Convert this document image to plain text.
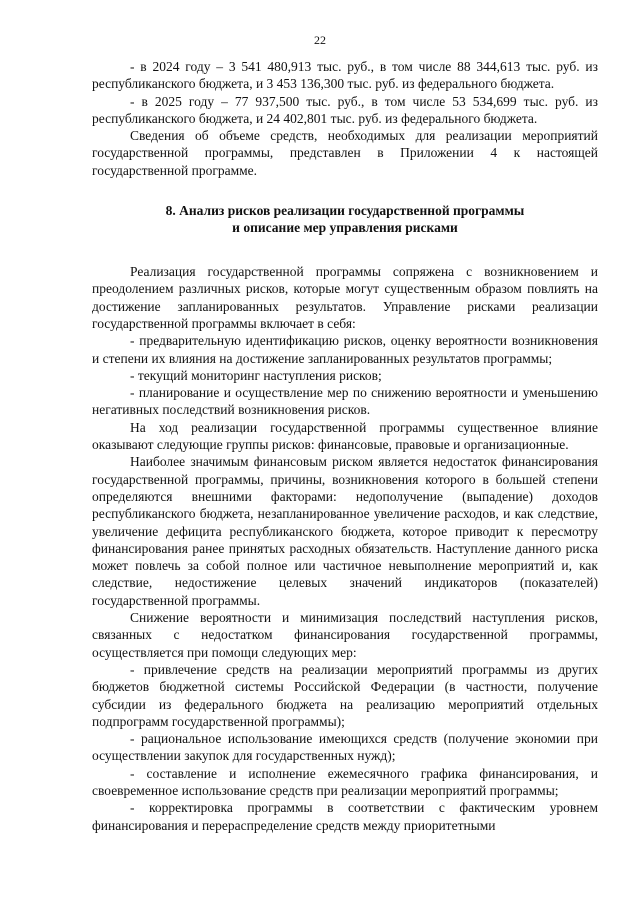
22

- в 2024 году – 3 541 480,913 тыс. руб., в том числе 88 344,613 тыс. руб. из республиканского бюджета, и 3 453 136,300 тыс. руб. из федерального бюджета.

- в 2025 году – 77 937,500 тыс. руб., в том числе 53 534,699 тыс. руб. из республиканского бюджета, и 24 402,801 тыс. руб. из федерального бюджета.

Сведения об объеме средств, необходимых для реализации мероприятий государственной программы, представлен в Приложении 4 к настоящей государственной программе.

8. Анализ рисков реализации государственной программы
и описание мер управления рисками

Реализация государственной программы сопряжена с возникновением и преодолением различных рисков, которые могут существенным образом повлиять на достижение запланированных результатов. Управление рисками реализации государственной программы включает в себя:

- предварительную идентификацию рисков, оценку вероятности возникновения и степени их влияния на достижение запланированных результатов программы;

- текущий мониторинг наступления рисков;

- планирование и осуществление мер по снижению вероятности и уменьшению негативных последствий возникновения рисков.

На ход реализации государственной программы существенное влияние оказывают следующие группы рисков: финансовые, правовые и организационные.

Наиболее значимым финансовым риском является недостаток финансирования государственной программы, причины, возникновения которого в большей степени определяются внешними факторами: недополучение (выпадение) доходов республиканского бюджета, незапланированное увеличение расходов, и как следствие, увеличение дефицита республиканского бюджета, которое приводит к пересмотру финансирования ранее принятых расходных обязательств. Наступление данного риска может повлечь за собой полное или частичное невыполнение мероприятий и, как следствие, недостижение целевых значений индикаторов (показателей) государственной программы.

Снижение вероятности и минимизация последствий наступления рисков, связанных с недостатком финансирования государственной программы, осуществляется при помощи следующих мер:

- привлечение средств на реализации мероприятий программы из других бюджетов бюджетной системы Российской Федерации (в частности, получение субсидии из федерального бюджета на реализацию мероприятий отдельных подпрограмм государственной программы);

- рациональное использование имеющихся средств (получение экономии при осуществлении закупок для государственных нужд);

- составление и исполнение ежемесячного графика финансирования, и своевременное использование средств при реализации мероприятий программы;

- корректировка программы в соответствии с фактическим уровнем финансирования и перераспределение средств между приоритетными
